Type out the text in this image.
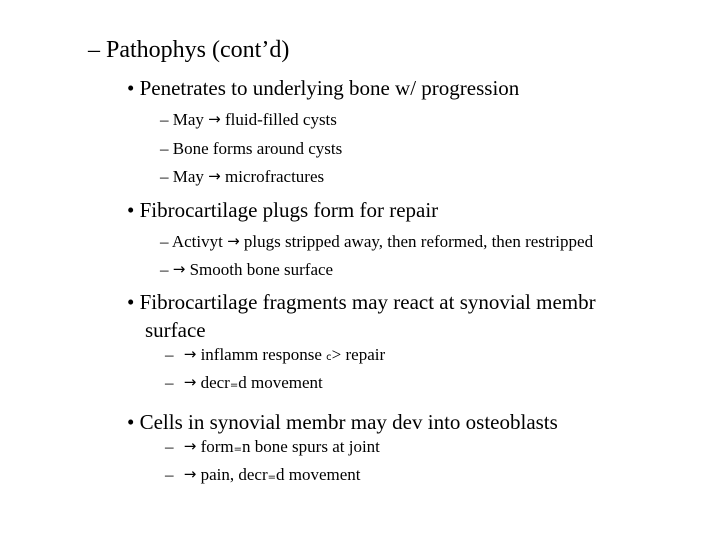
– Pathophys (cont’d)
• Penetrates to underlying bone w/ progression
– May → fluid-filled cysts
– Bone forms around cysts
– May → microfractures
• Fibrocartilage plugs form for repair
– Activyt → plugs stripped away, then reformed, then restripped
– → Smooth bone surface
• Fibrocartilage fragments may react at synovial membr
surface
– → inflamm response c> repair
– → decr=d movement
• Cells in synovial membr may dev into osteoblasts
– → form=n bone spurs at joint
– → pain, decr=d movement
